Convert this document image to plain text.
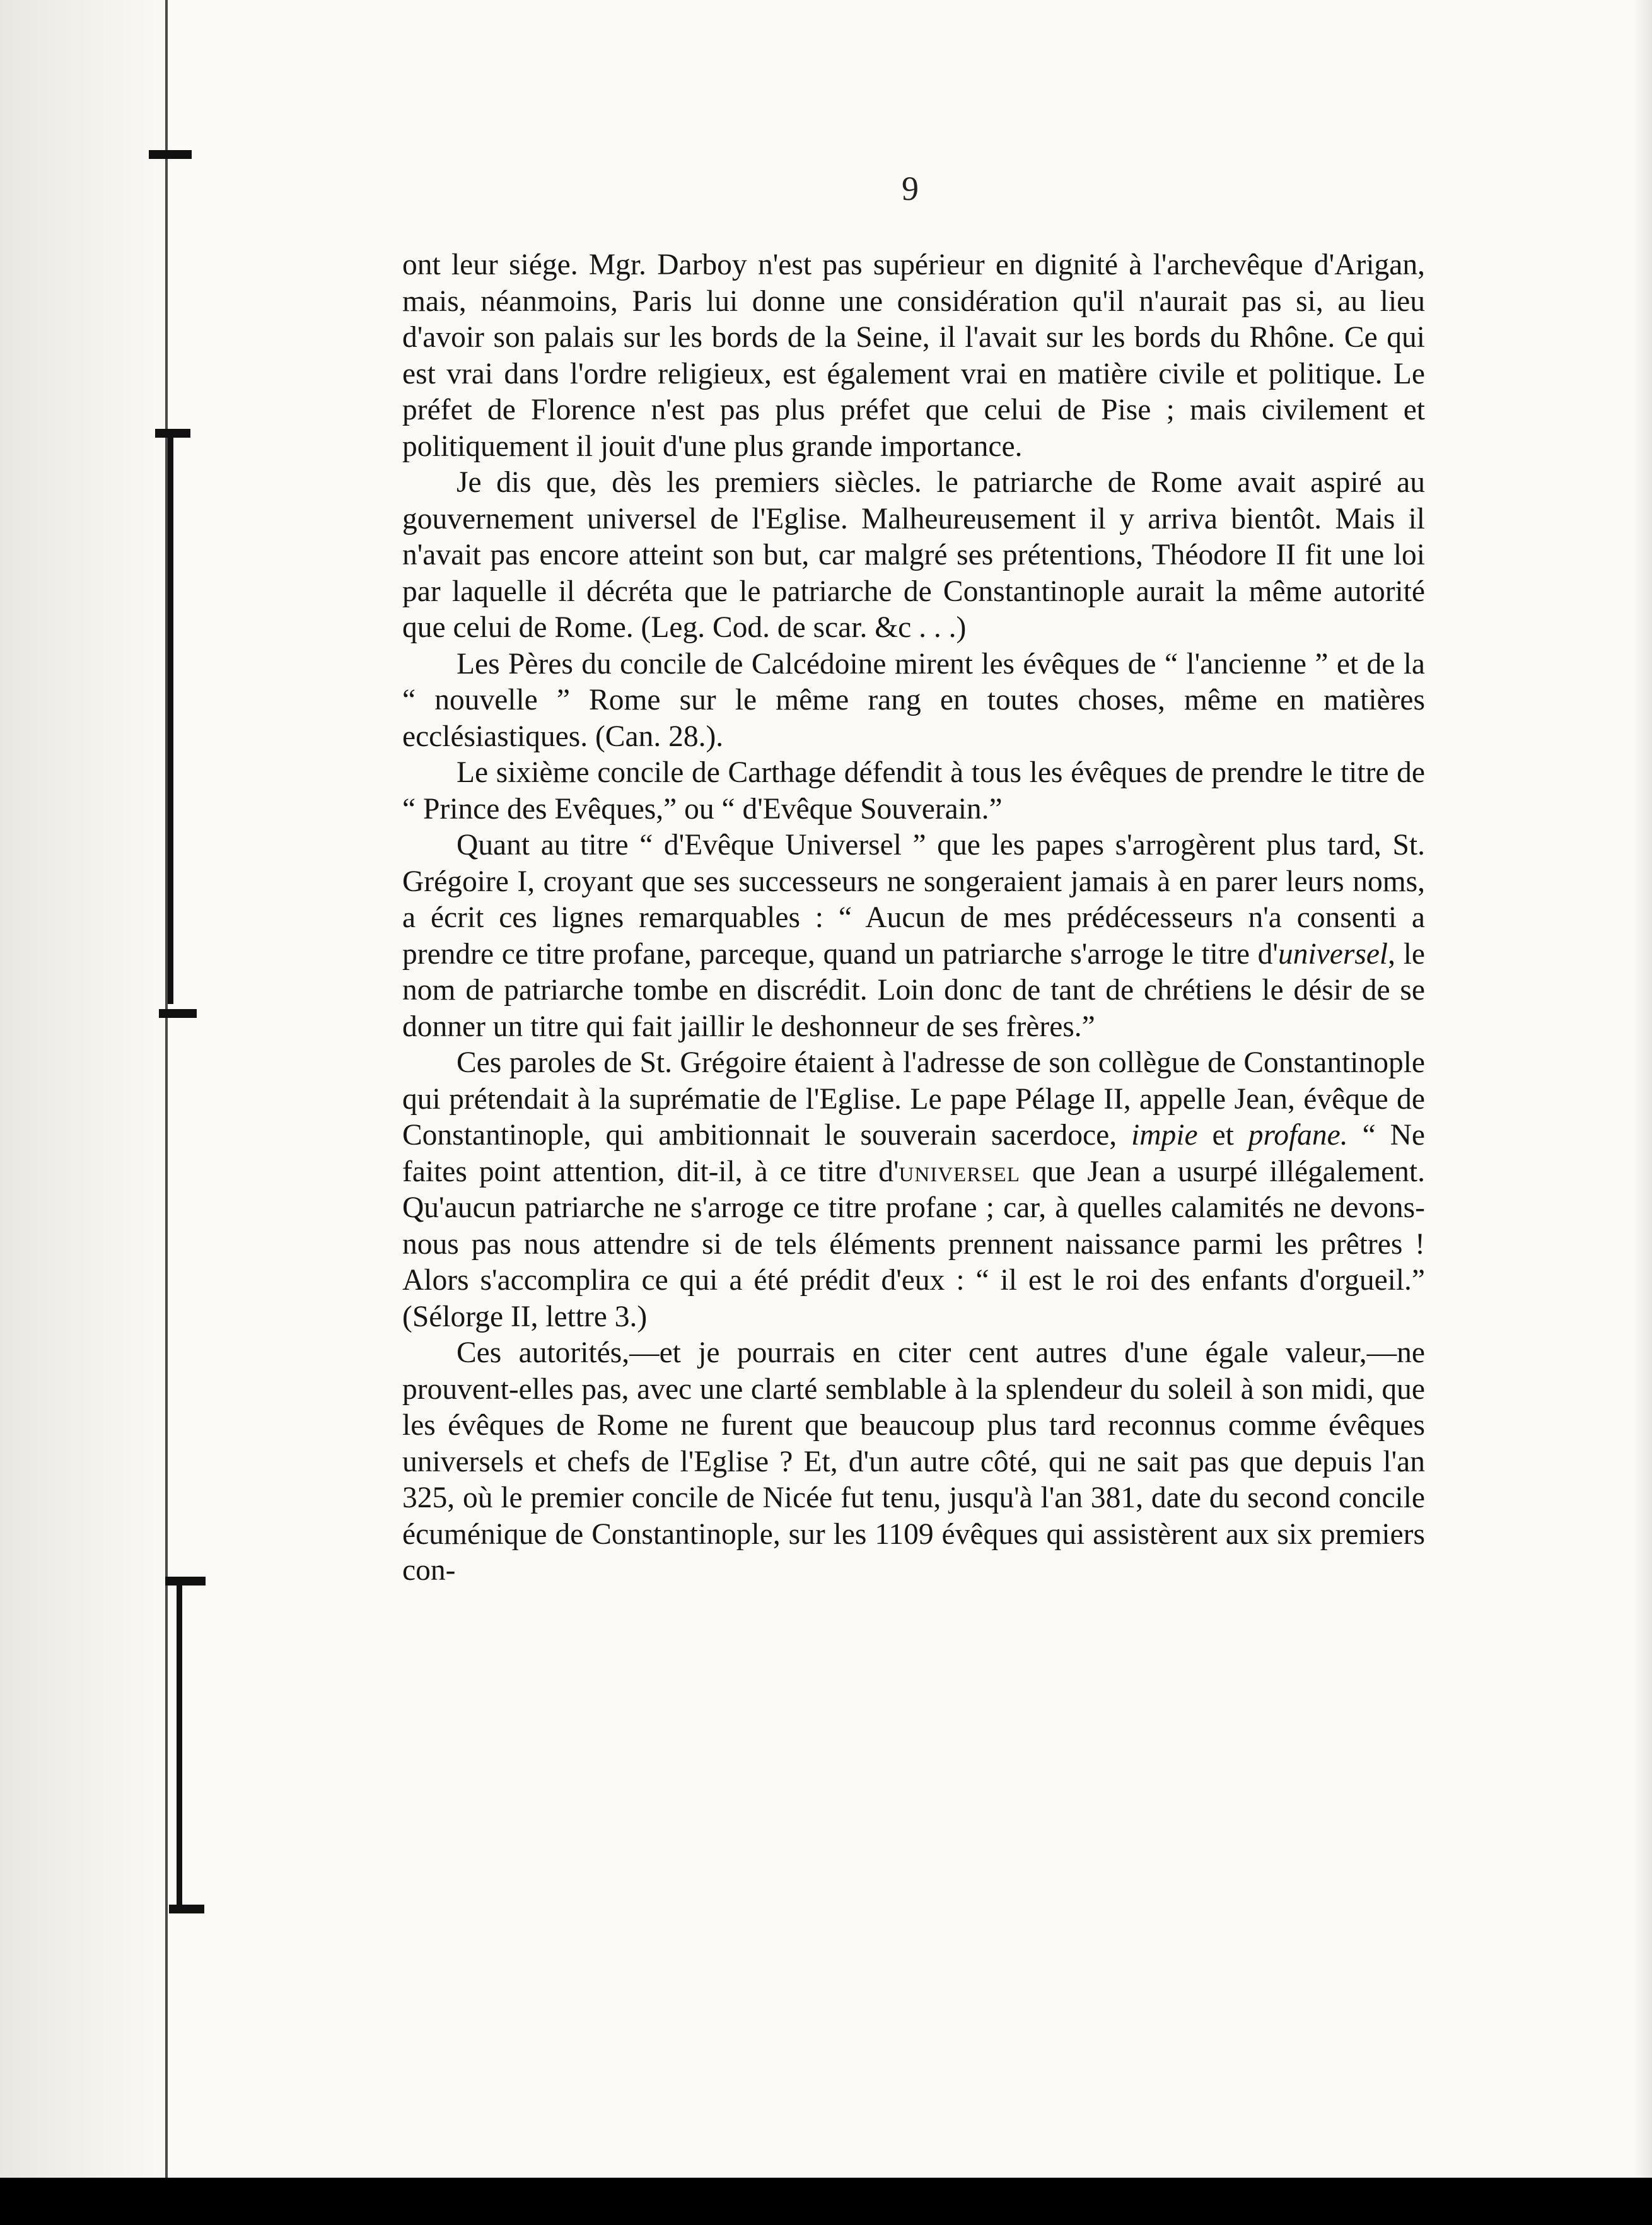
9

ont leur siége. Mgr. Darboy n'est pas supérieur en dignité à l'archevêque d'Arigan, mais, néanmoins, Paris lui donne une considération qu'il n'aurait pas si, au lieu d'avoir son palais sur les bords de la Seine, il l'avait sur les bords du Rhône. Ce qui est vrai dans l'ordre religieux, est également vrai en matière civile et politique. Le préfet de Florence n'est pas plus préfet que celui de Pise ; mais civilement et politiquement il jouit d'une plus grande importance.

Je dis que, dès les premiers siècles. le patriarche de Rome avait aspiré au gouvernement universel de l'Eglise. Malheureusement il y arriva bientôt. Mais il n'avait pas encore atteint son but, car malgré ses prétentions, Théodore II fit une loi par laquelle il décréta que le patriarche de Constantinople aurait la même autorité que celui de Rome. (Leg. Cod. de scar. &c . . .)

Les Pères du concile de Calcédoine mirent les évêques de “ l'ancienne ” et de la “ nouvelle ” Rome sur le même rang en toutes choses, même en matières ecclésiastiques. (Can. 28.).

Le sixième concile de Carthage défendit à tous les évêques de prendre le titre de “ Prince des Evêques,” ou “ d'Evêque Souverain.”

Quant au titre “ d'Evêque Universel ” que les papes s'arrogèrent plus tard, St. Grégoire I, croyant que ses successeurs ne songeraient jamais à en parer leurs noms, a écrit ces lignes remarquables : “ Aucun de mes prédécesseurs n'a consenti a prendre ce titre profane, parceque, quand un patriarche s'arroge le titre d'universel, le nom de patriarche tombe en discrédit. Loin donc de tant de chrétiens le désir de se donner un titre qui fait jaillir le deshonneur de ses frères.”

Ces paroles de St. Grégoire étaient à l'adresse de son collègue de Constantinople qui prétendait à la suprématie de l'Eglise. Le pape Pélage II, appelle Jean, évêque de Constantinople, qui ambitionnait le souverain sacerdoce, impie et profane. “ Ne faites point attention, dit-il, à ce titre d'universel que Jean a usurpé illégalement. Qu'aucun patriarche ne s'arroge ce titre profane ; car, à quelles calamités ne devons-nous pas nous attendre si de tels éléments prennent naissance parmi les prêtres ! Alors s'accomplira ce qui a été prédit d'eux : “ il est le roi des enfants d'orgueil.” (Sélorge II, lettre 3.)

Ces autorités,—et je pourrais en citer cent autres d'une égale valeur,—ne prouvent-elles pas, avec une clarté semblable à la splendeur du soleil à son midi, que les évêques de Rome ne furent que beaucoup plus tard reconnus comme évêques universels et chefs de l'Eglise ? Et, d'un autre côté, qui ne sait pas que depuis l'an 325, où le premier concile de Nicée fut tenu, jusqu'à l'an 381, date du second concile écuménique de Constantinople, sur les 1109 évêques qui assistèrent aux six premiers con-
